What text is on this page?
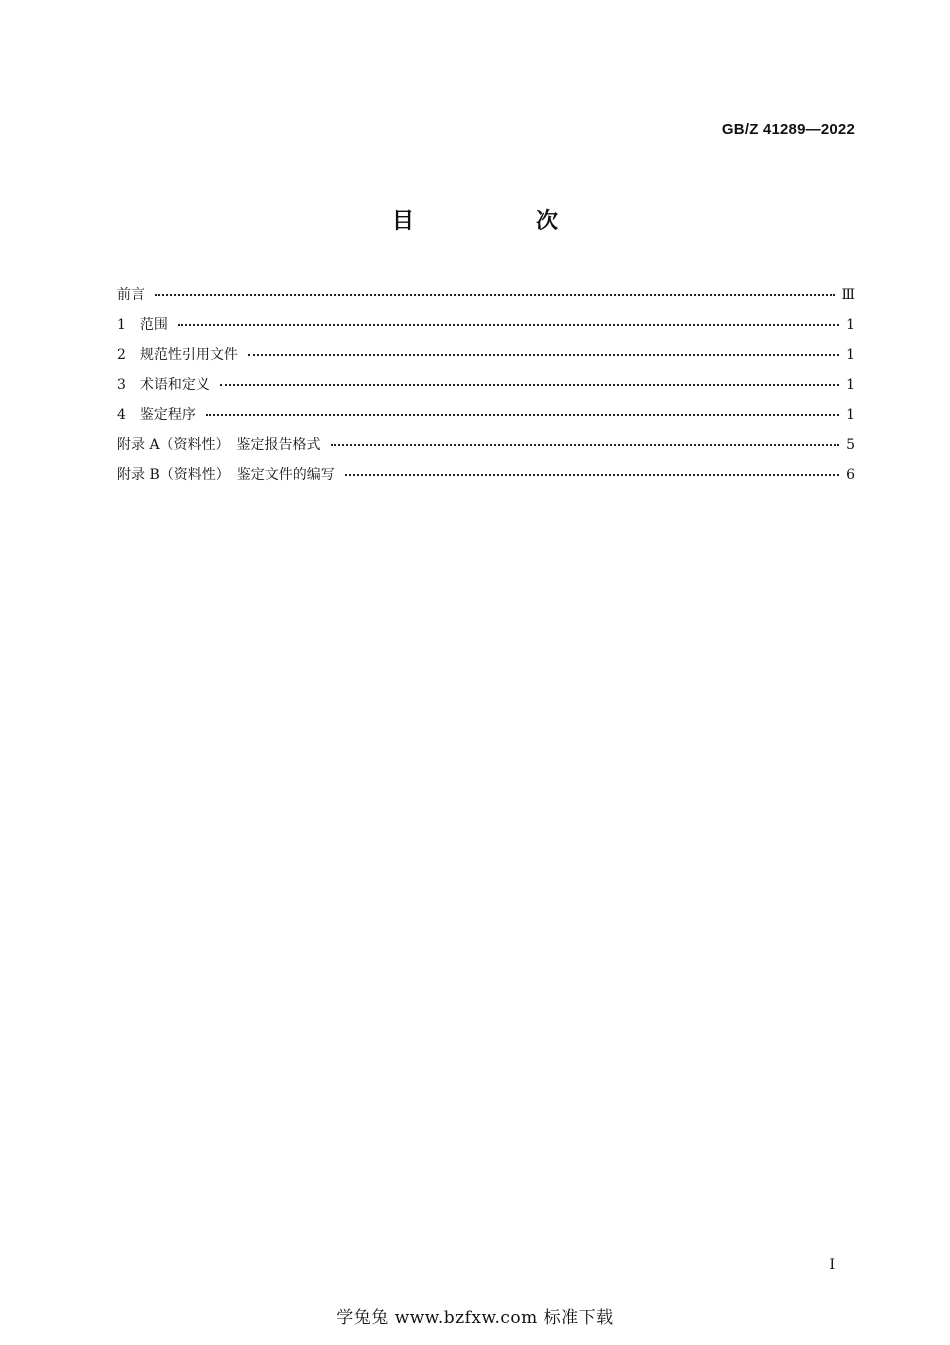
GB/Z 41289—2022
目　次
前言	Ⅲ
1　范围	1
2　规范性引用文件	1
3　术语和定义	1
4　鉴定程序	1
附录 A（资料性）　鉴定报告格式	5
附录 B（资料性）　鉴定文件的编写	6
I
学兔兔 www.bzfxw.com 标准下载
